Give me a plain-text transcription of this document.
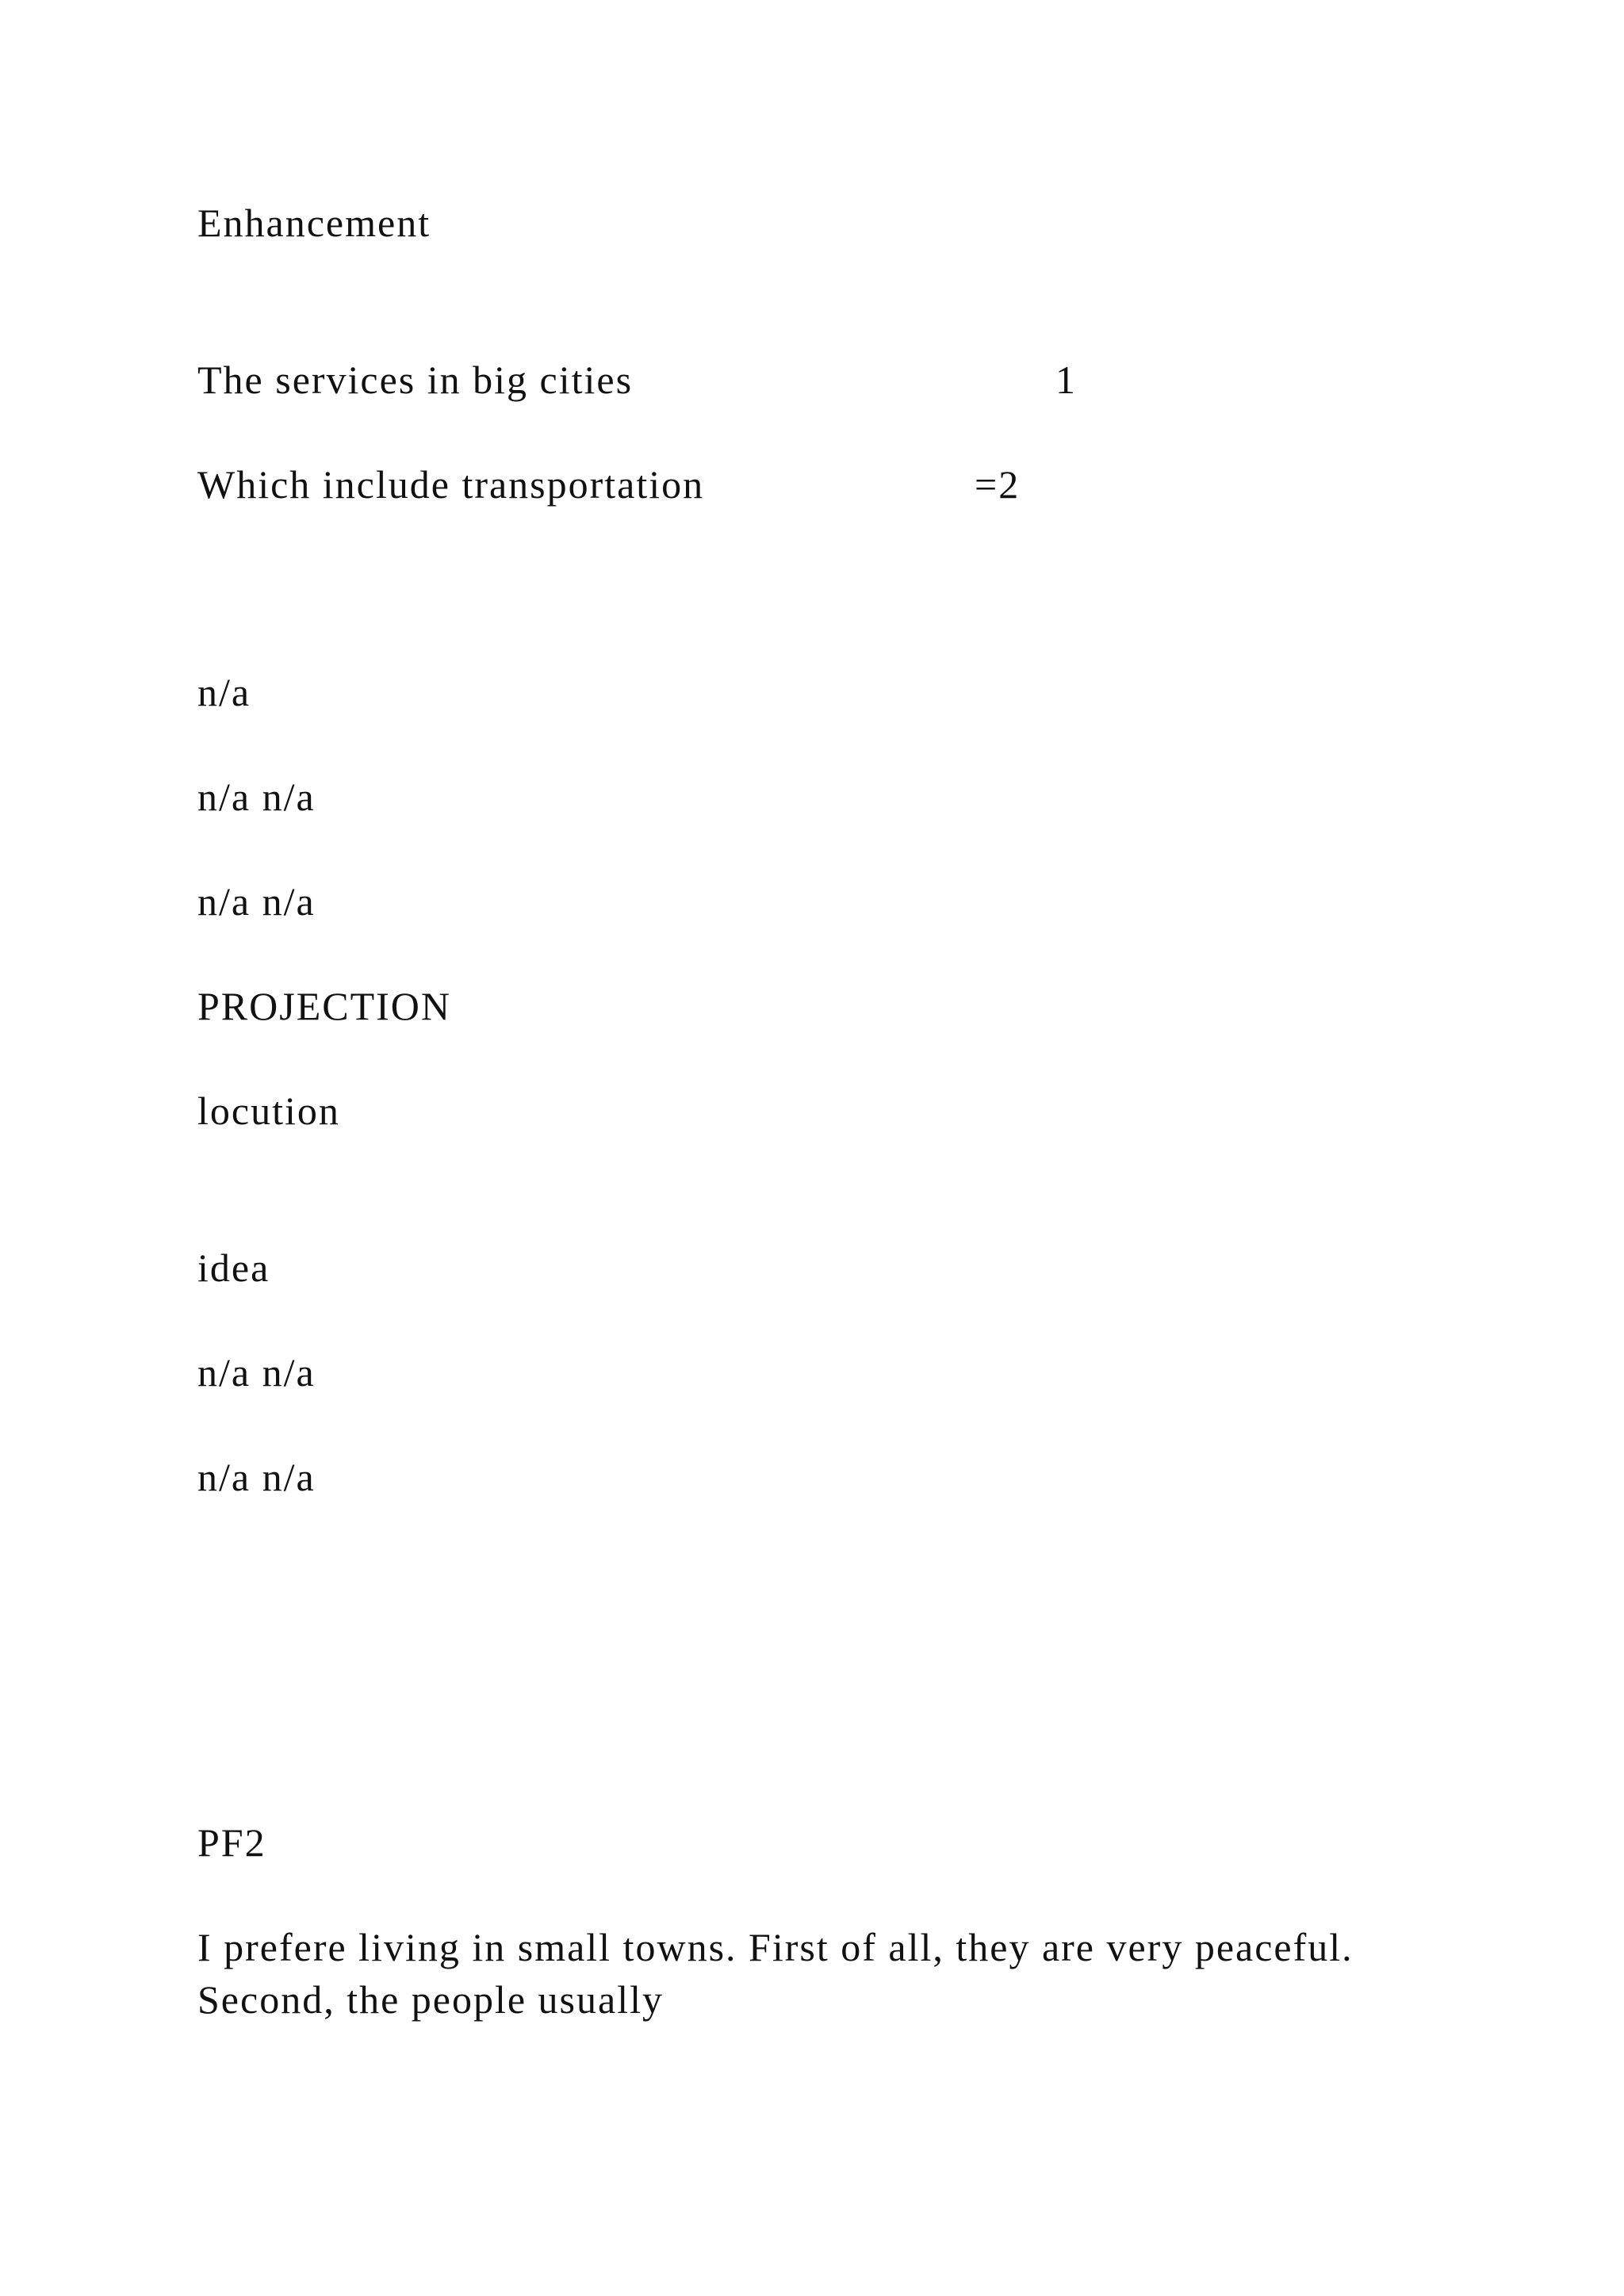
Enhancement

The services in big cities	1

Which include transportation	=2

n/a

n/a n/a

n/a n/a

PROJECTION

locution

idea

n/a n/a

n/a n/a

PF2

I prefere living in small towns. First of all, they are very peaceful. Second, the people usually
